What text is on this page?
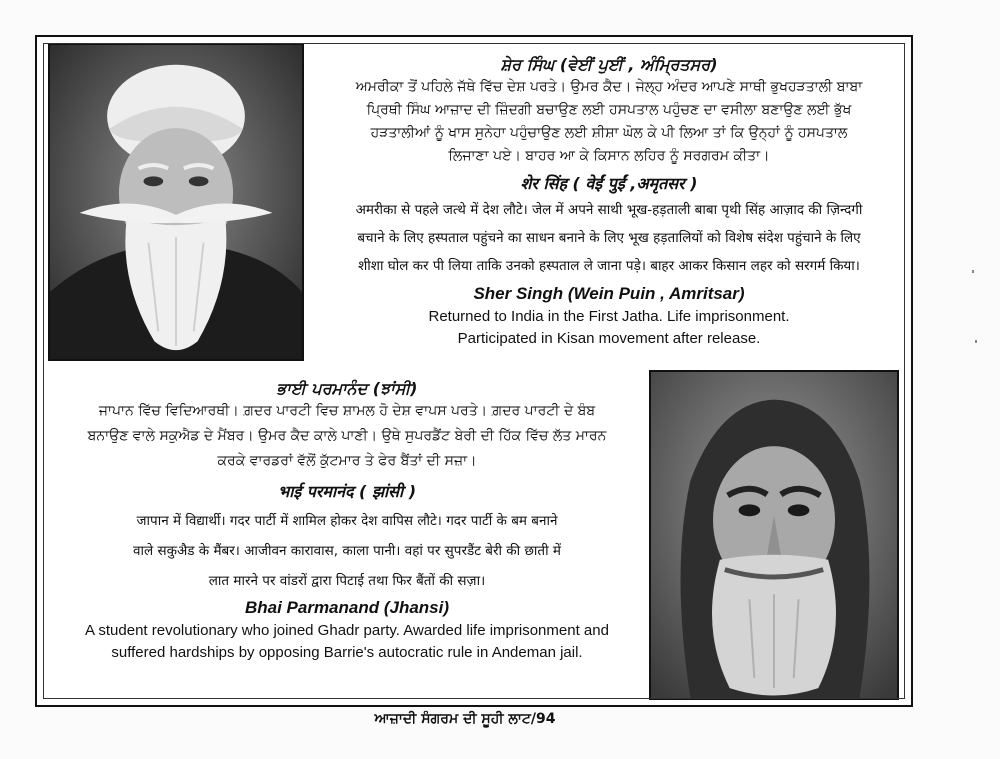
ਸ਼ੇਰ ਸਿੰਘ (ਵੇਈਂ ਪੁਈਂ , ਅੰਮ੍ਰਿਤਸਰ)

ਅਮਰੀਕਾ ਤੋਂ ਪਹਿਲੇ ਜੱਥੇ ਵਿੱਚ ਦੇਸ਼ ਪਰਤੇ। ਉਮਰ ਕੈਦ। ਜੇਲ੍ਹ ਅੰਦਰ ਆਪਣੇ ਸਾਥੀ ਭੁਖਹੜਤਾਲੀ ਬਾਬਾ

ਪ੍ਰਿਥੀ ਸਿੰਘ ਆਜ਼ਾਦ ਦੀ ਜ਼ਿੰਦਗੀ ਬਚਾਉਣ ਲਈ ਹਸਪਤਾਲ ਪਹੁੰਚਣ ਦਾ ਵਸੀਲਾ ਬਣਾਉਣ ਲਈ ਭੁੱਖ

ਹੜਤਾਲੀਆਂ ਨੂੰ ਖਾਸ ਸੁਨੇਹਾ ਪਹੁੰਚਾਉਣ ਲਈ ਸ਼ੀਸ਼ਾ ਘੋਲ ਕੇ ਪੀ ਲਿਆ ਤਾਂ ਕਿ ਉਨ੍ਹਾਂ ਨੂੰ ਹਸਪਤਾਲ

ਲਿਜਾਣਾ ਪਏ। ਬਾਹਰ ਆ ਕੇ ਕਿਸਾਨ ਲਹਿਰ ਨੂੰ ਸਰਗਰਮ ਕੀਤਾ।

शेर सिंह ( वेईं पुईं ,अमृतसर )

अमरीका से पहले जत्थे में देश लौटे। जेल में अपने साथी भूख-हड़ताली बाबा पृथी सिंह आज़ाद की ज़िन्दगी

बचाने के लिए हस्पताल पहुंचने का साधन बनाने के लिए भूख हड़तालियों को विशेष संदेश पहुंचाने के लिए

शीशा घोल कर पी लिया ताकि उनको हस्पताल ले जाना पड़े। बाहर आकर किसान लहर को सरगर्म किया।

Sher Singh (Wein Puin , Amritsar)

Returned to India in the First Jatha. Life imprisonment.

Participated in Kisan movement after release.

ਭਾਈ ਪਰਮਾਨੰਦ (ਝਾਂਸੀ)

ਜਾਪਾਨ ਵਿੱਚ ਵਿਦਿਆਰਥੀ। ਗ਼ਦਰ ਪਾਰਟੀ ਵਿਚ ਸ਼ਾਮਲ ਹੋ ਦੇਸ਼ ਵਾਪਸ ਪਰਤੇ। ਗ਼ਦਰ ਪਾਰਟੀ ਦੇ ਬੰਬ

ਬਨਾਉਣ ਵਾਲੇ ਸਕੁਐਡ ਦੇ ਮੈਂਬਰ। ਉਮਰ ਕੈਦ ਕਾਲੇ ਪਾਣੀ। ਉਥੇ ਸੁਪਰਡੈਂਟ ਬੇਰੀ ਦੀ ਹਿੱਕ ਵਿੱਚ ਲੱਤ ਮਾਰਨ

ਕਰਕੇ ਵਾਰਡਰਾਂ ਵੱਲੋਂ ਕੁੱਟਮਾਰ ਤੇ ਫੇਰ ਬੈਂਤਾਂ ਦੀ ਸਜ਼ਾ।

भाई परमानंद ( झांसी )

जापान में विद्यार्थी। गदर पार्टी में शामिल होकर देश वापिस लौटे। गदर पार्टी के बम बनाने

वाले सकुअैड के मैंबर। आजीवन कारावास, काला पानी। वहां पर सुपरडैंट बेरी की छाती में

लात मारने पर वांडरों द्वारा पिटाई तथा फिर बैंतों की सज़ा।

Bhai Parmanand (Jhansi)

A student revolutionary who joined Ghadr party. Awarded life imprisonment and

suffered hardships by opposing Barrie's autocratic rule in Andeman jail.

ਆਜ਼ਾਦੀ ਸੰਗਰਮ ਦੀ ਸੂਹੀ ਲਾਟ/94
